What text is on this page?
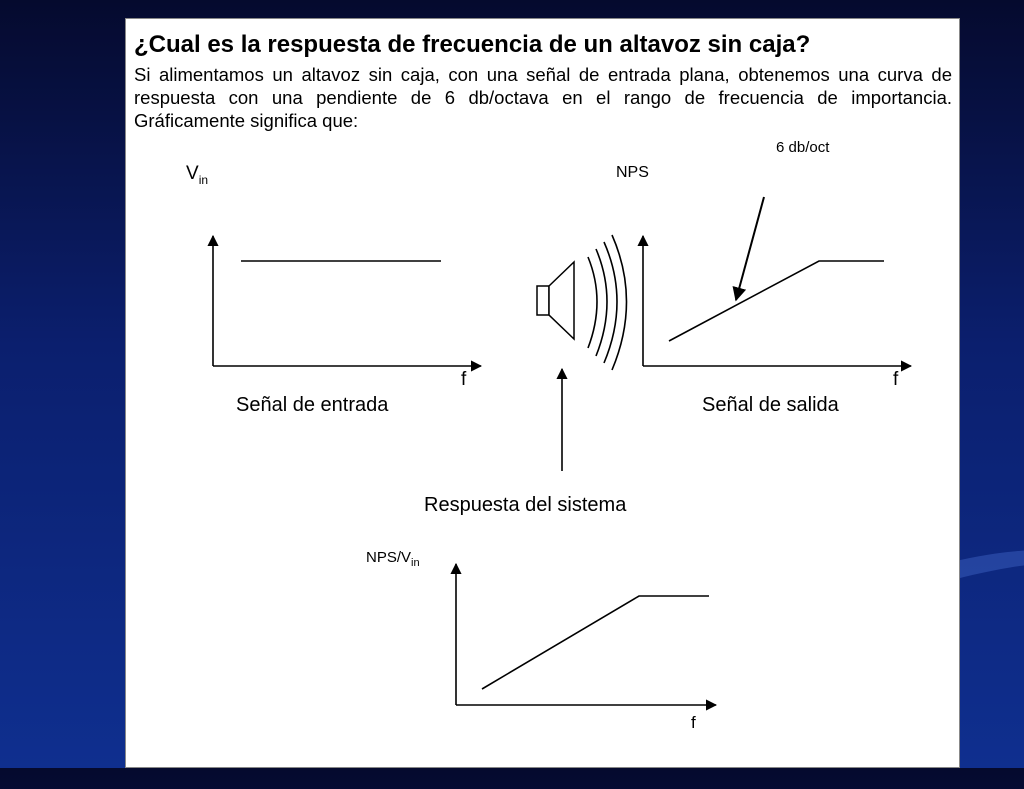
¿Cual es la respuesta de frecuencia de un altavoz sin caja?

Si alimentamos un altavoz sin caja, con una señal de entrada plana, obtenemos una curva de respuesta con una pendiente de 6 db/octava en el rango de frecuencia de importancia. Gráficamente significa que:

$V_{in}$
f
Señal de entrada
NPS
6 db/oct
f
Señal de salida
Respuesta del sistema
NPS/$V_{in}$
f
